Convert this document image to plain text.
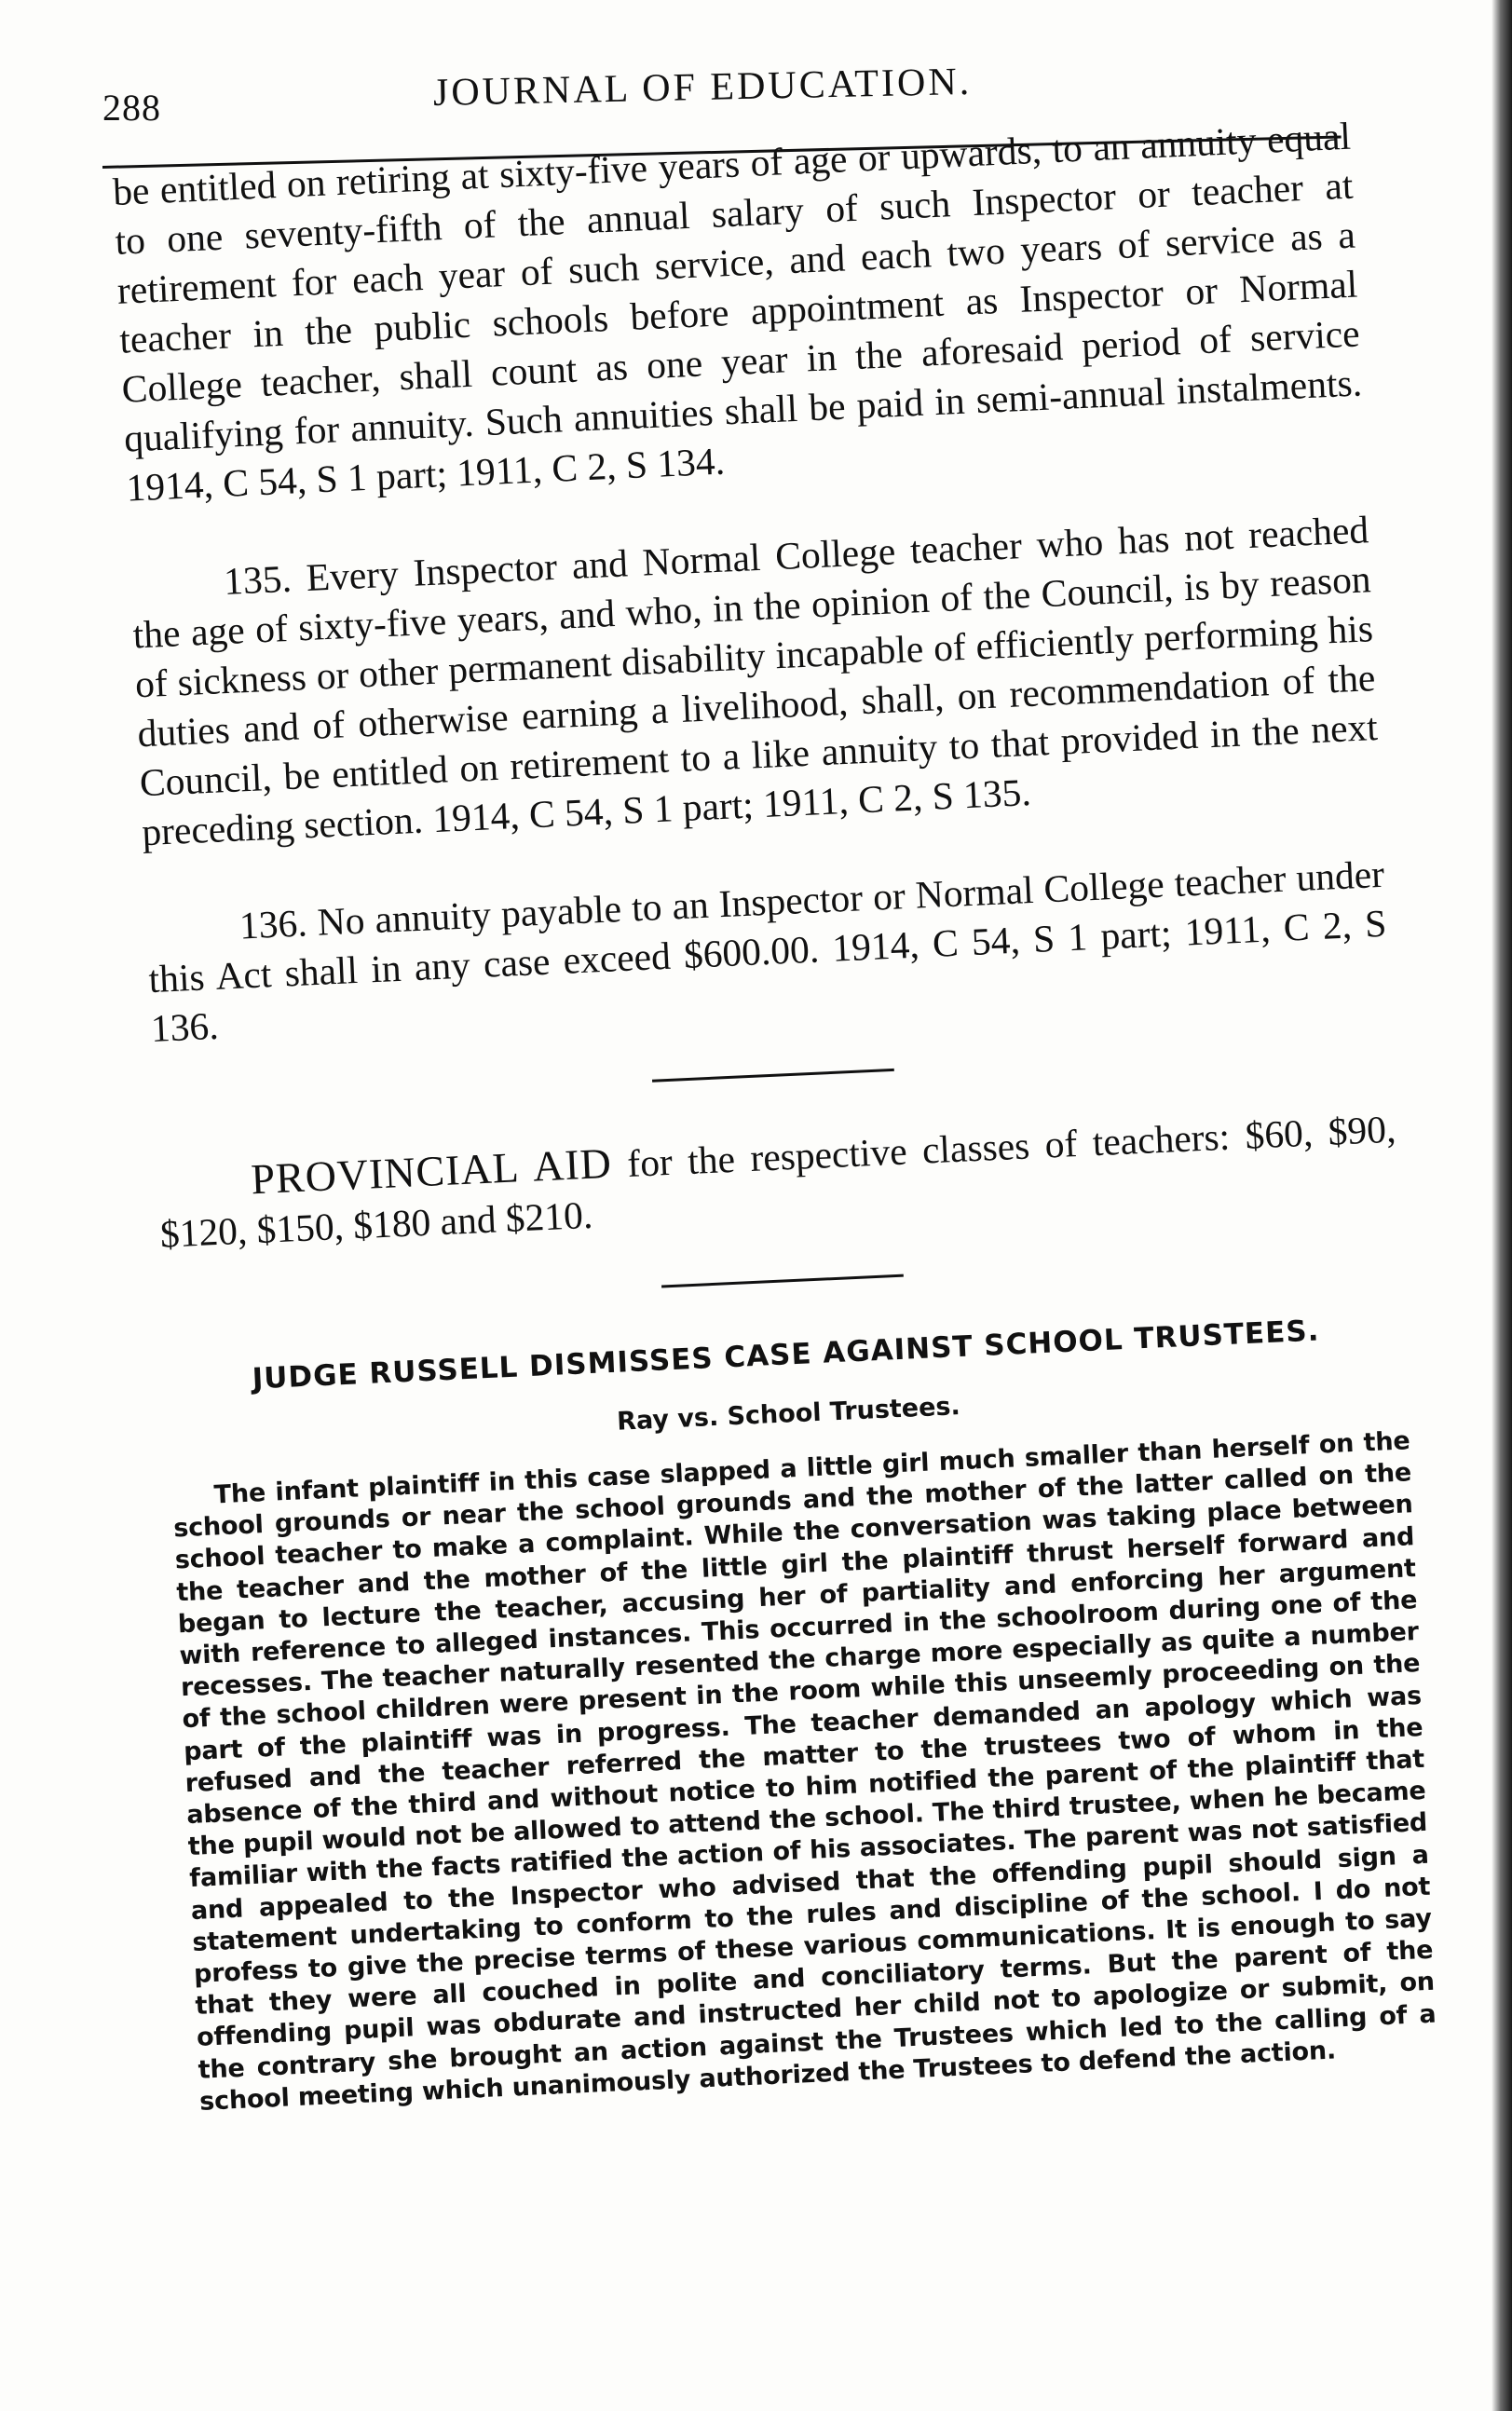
288	JOURNAL OF EDUCATION.

be entitled on retiring at sixty-five years of age or upwards, to an annuity equal to one seventy-fifth of the annual salary of such Inspector or teacher at retirement for each year of such service, and each two years of service as a teacher in the public schools before appointment as Inspector or Normal College teacher, shall count as one year in the aforesaid period of service qualifying for annuity. Such annuities shall be paid in semi-annual instalments. 1914, C 54, S 1 part; 1911, C 2, S 134.

135. Every Inspector and Normal College teacher who has not reached the age of sixty-five years, and who, in the opinion of the Council, is by reason of sickness or other permanent disability incapable of efficiently performing his duties and of otherwise earning a livelihood, shall, on recommendation of the Council, be entitled on retirement to a like annuity to that provided in the next preceding section. 1914, C 54, S 1 part; 1911, C 2, S 135.

136. No annuity payable to an Inspector or Normal College teacher under this Act shall in any case exceed $600.00. 1914, C 54, S 1 part; 1911, C 2, S 136.

PROVINCIAL AID for the respective classes of teachers: $60, $90, $120, $150, $180 and $210.

JUDGE RUSSELL DISMISSES CASE AGAINST SCHOOL TRUSTEES.
Ray vs. School Trustees.

The infant plaintiff in this case slapped a little girl much smaller than herself on the school grounds or near the school grounds and the mother of the latter called on the school teacher to make a complaint. While the conversation was taking place between the teacher and the mother of the little girl the plaintiff thrust herself forward and began to lecture the teacher, accusing her of partiality and enforcing her argument with reference to alleged instances. This occurred in the schoolroom during one of the recesses. The teacher naturally resented the charge more especially as quite a number of the school children were present in the room while this unseemly proceeding on the part of the plaintiff was in progress. The teacher demanded an apology which was refused and the teacher referred the matter to the trustees two of whom in the absence of the third and without notice to him notified the parent of the plaintiff that the pupil would not be allowed to attend the school. The third trustee, when he became familiar with the facts ratified the action of his associates. The parent was not satisfied and appealed to the Inspector who advised that the offending pupil should sign a statement undertaking to conform to the rules and discipline of the school. I do not profess to give the precise terms of these various communications. It is enough to say that they were all couched in polite and conciliatory terms. But the parent of the offending pupil was obdurate and instructed her child not to apologize or submit, on the contrary she brought an action against the Trustees which led to the calling of a school meeting which unanimously authorized the Trustees to defend the action.
